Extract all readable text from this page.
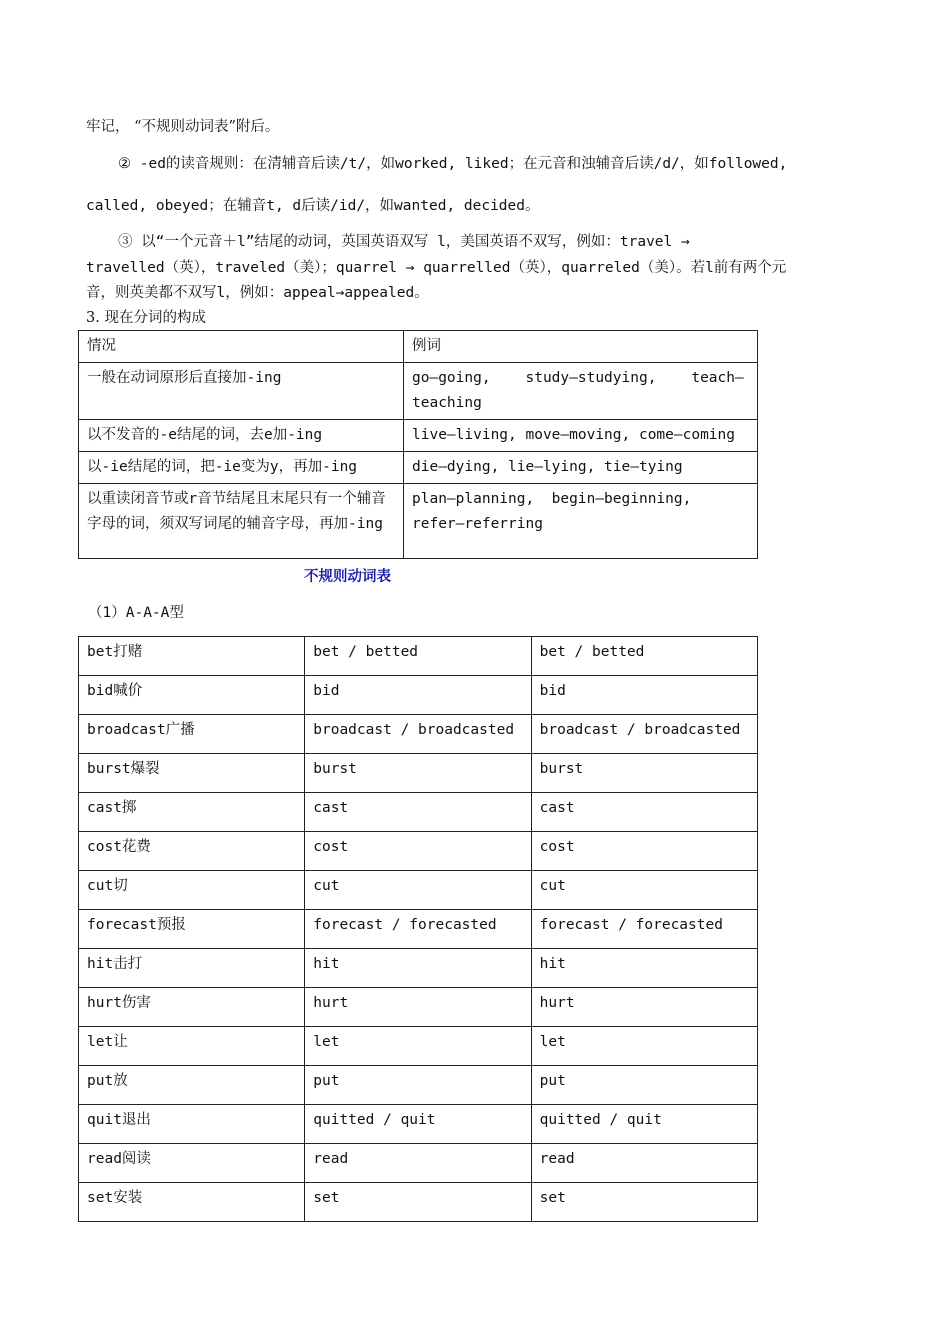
牢记， “不规则动词表”附后。
② -ed的读音规则：在清辅音后读/t/，如worked, liked；在元音和浊辅音后读/d/，如followed,
called, obeyed；在辅音t, d后读/id/，如wanted, decided。
③ 以“一个元音＋l”结尾的动词，英国英语双写 l，美国英语不双写，例如：travel →
travelled（英），traveled（美）；quarrel → quarrelled（英），quarreled（美）。若l前有两个元
音，则英美都不双写l，例如：appeal→appealed。
3. 现在分词的构成
情况	例词
一般在动词原形后直接加-ing	go—going,    study—studying,    teach—teaching
以不发音的-e结尾的词，去e加-ing	live—living, move—moving, come—coming
以-ie结尾的词，把-ie变为y，再加-ing	die—dying, lie—lying, tie—tying
以重读闭音节或r音节结尾且末尾只有一个辅音字母的词，须双写词尾的辅音字母，再加-ing	plan—planning,  begin—beginning,  refer—referring
不规则动词表
（1）A-A-A型
bet打赌	bet / betted	bet / betted
bid喊价	bid	bid
broadcast广播	broadcast / broadcasted	broadcast / broadcasted
burst爆裂	burst	burst
cast掷	cast	cast
cost花费	cost	cost
cut切	cut	cut
forecast预报	forecast / forecasted	forecast / forecasted
hit击打	hit	hit
hurt伤害	hurt	hurt
let让	let	let
put放	put	put
quit退出	quitted / quit	quitted / quit
read阅读	read	read
set安装	set	set
